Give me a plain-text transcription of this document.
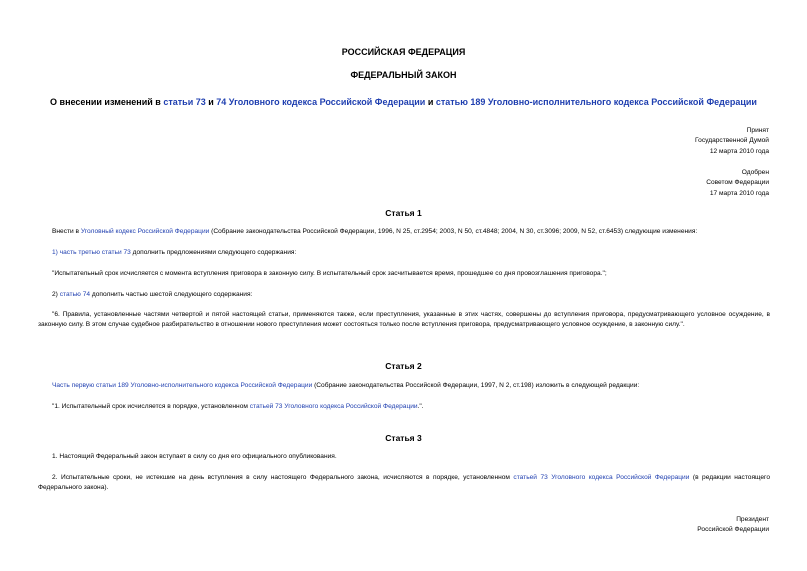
РОССИЙСКАЯ ФЕДЕРАЦИЯ
ФЕДЕРАЛЬНЫЙ ЗАКОН
О внесении изменений в статьи 73 и 74 Уголовного кодекса Российской Федерации и статью 189 Уголовно-исполнительного кодекса Российской Федерации
Принят
Государственной Думой
12 марта 2010 года
Одобрен
Советом Федерации
17 марта 2010 года
Статья 1
Внести в Уголовный кодекс Российской Федерации (Собрание законодательства Российской Федерации, 1996, N 25, ст.2954; 2003, N 50, ст.4848; 2004, N 30, ст.3096; 2009, N 52, ст.6453) следующие изменения:
1) часть третью статьи 73 дополнить предложениями следующего содержания:
"Испытательный срок исчисляется с момента вступления приговора в законную силу. В испытательный срок засчитывается время, прошедшее со дня провозглашения приговора.";
2) статью 74 дополнить частью шестой следующего содержания:
"6. Правила, установленные частями четвертой и пятой настоящей статьи, применяются также, если преступления, указанные в этих частях, совершены до вступления приговора, предусматривающего условное осуждение, в законную силу. В этом случае судебное разбирательство в отношении нового преступления может состояться только после вступления приговора, предусматривающего условное осуждение, в законную силу.".
Статья 2
Часть первую статьи 189 Уголовно-исполнительного кодекса Российской Федерации (Собрание законодательства Российской Федерации, 1997, N 2, ст.198) изложить в следующей редакции:
"1. Испытательный срок исчисляется в порядке, установленном статьей 73 Уголовного кодекса Российской Федерации.".
Статья 3
1. Настоящий Федеральный закон вступает в силу со дня его официального опубликования.
2. Испытательные сроки, не истекшие на день вступления в силу настоящего Федерального закона, исчисляются в порядке, установленном статьей 73 Уголовного кодекса Российской Федерации (в редакции настоящего Федерального закона).
Президент
Российской Федерации
